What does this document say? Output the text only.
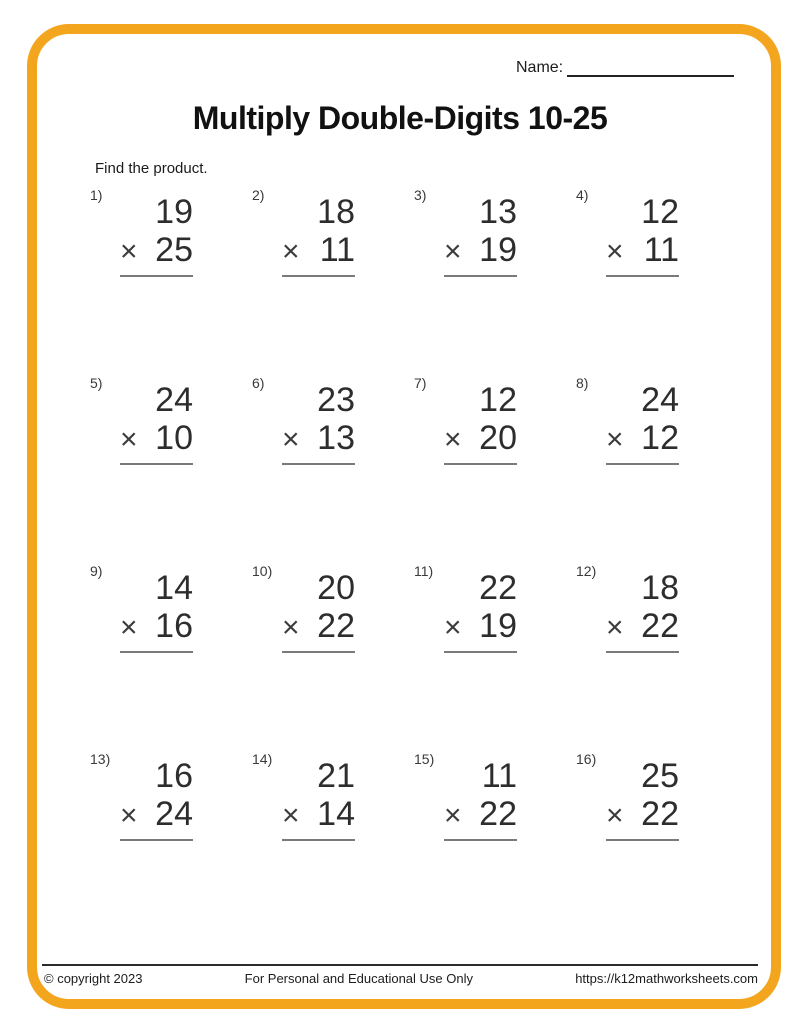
Name:
Multiply Double-Digits 10-25
Find the product.
1)	19
× 25
2)	18
× 11
3)	13
× 19
4)	12
× 11
5)	24
× 10
6)	23
× 13
7)	12
× 20
8)	24
× 12
9)	14
× 16
10)	20
× 22
11)	22
× 19
12)	18
× 22
13)	16
× 24
14)	21
× 14
15)	11
× 22
16)	25
× 22
© copyright 2023	For Personal and Educational Use Only	https://k12mathworksheets.com
